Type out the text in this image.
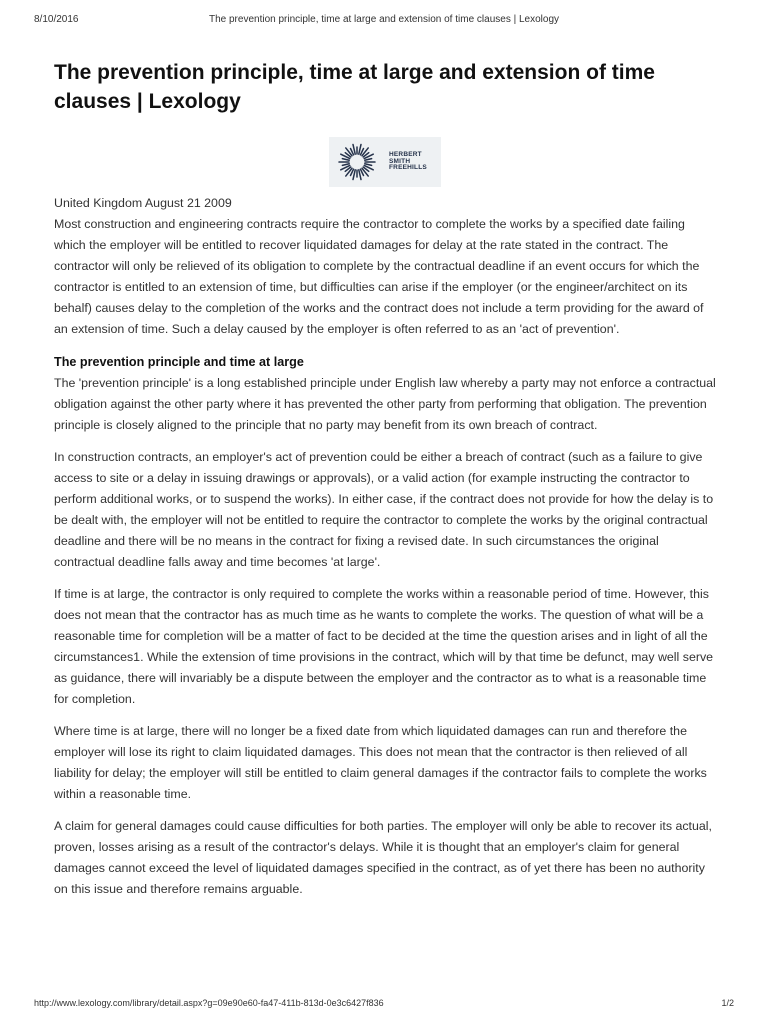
8/10/2016	The prevention principle, time at large and extension of time clauses | Lexology
The prevention principle, time at large and extension of time clauses | Lexology
HERBERT
SMITH
FREEHILLS
United Kingdom August 21 2009

Most construction and engineering contracts require the contractor to complete the works by a specified date failing which the employer will be entitled to recover liquidated damages for delay at the rate stated in the contract. The contractor will only be relieved of its obligation to complete by the contractual deadline if an event occurs for which the contractor is entitled to an extension of time, but difficulties can arise if the employer (or the engineer/architect on its behalf) causes delay to the completion of the works and the contract does not include a term providing for the award of an extension of time. Such a delay caused by the employer is often referred to as an 'act of prevention'.

The prevention principle and time at large

The 'prevention principle' is a long established principle under English law whereby a party may not enforce a contractual obligation against the other party where it has prevented the other party from performing that obligation. The prevention principle is closely aligned to the principle that no party may benefit from its own breach of contract.

In construction contracts, an employer's act of prevention could be either a breach of contract (such as a failure to give access to site or a delay in issuing drawings or approvals), or a valid action (for example instructing the contractor to perform additional works, or to suspend the works). In either case, if the contract does not provide for how the delay is to be dealt with, the employer will not be entitled to require the contractor to complete the works by the original contractual deadline and there will be no means in the contract for fixing a revised date. In such circumstances the original contractual deadline falls away and time becomes 'at large'.

If time is at large, the contractor is only required to complete the works within a reasonable period of time. However, this does not mean that the contractor has as much time as he wants to complete the works. The question of what will be a reasonable time for completion will be a matter of fact to be decided at the time the question arises and in light of all the circumstances1. While the extension of time provisions in the contract, which will by that time be defunct, may well serve as guidance, there will invariably be a dispute between the employer and the contractor as to what is a reasonable time for completion.

Where time is at large, there will no longer be a fixed date from which liquidated damages can run and therefore the employer will lose its right to claim liquidated damages. This does not mean that the contractor is then relieved of all liability for delay; the employer will still be entitled to claim general damages if the contractor fails to complete the works within a reasonable time.

A claim for general damages could cause difficulties for both parties. The employer will only be able to recover its actual, proven, losses arising as a result of the contractor's delays. While it is thought that an employer's claim for general damages cannot exceed the level of liquidated damages specified in the contract, as of yet there has been no authority on this issue and therefore remains arguable.

http://www.lexology.com/library/detail.aspx?g=09e90e60-fa47-411b-813d-0e3c6427f836	1/2
